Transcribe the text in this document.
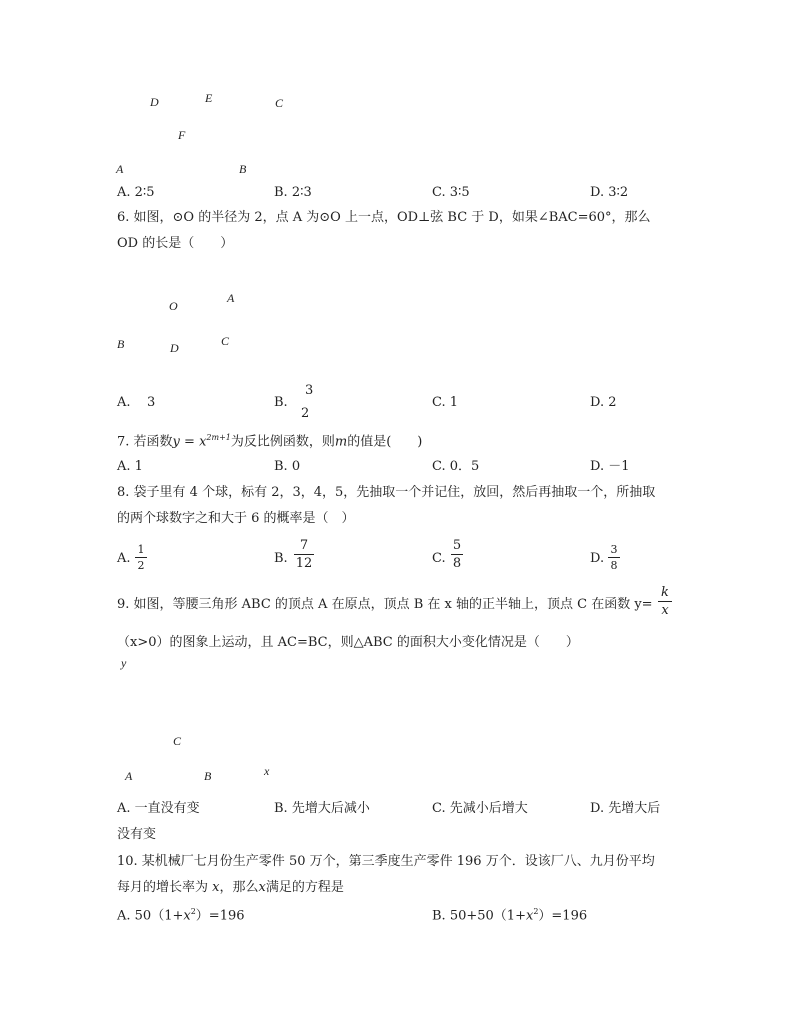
D	E	C
F
A	B
A. 2∶5	B. 2∶3	C. 3∶5	D. 3∶2
6. 如图，⊙O 的半径为 2，点 A 为⊙O 上一点，OD⊥弦 BC 于 D，如果∠BAC=60°，那么
OD 的长是（　　）
O
A
B	C
D
A. 3	B.
3
2
C. 1	D. 2
7. 若函数$y = x^{2m+1}$为反比例函数，则m的值是(　　)
A. 1	B. 0	C. 0．5	D. －1
8. 袋子里有 4 个球，标有 2，3，4，5，先抽取一个并记住，放回，然后再抽取一个，所抽取
的两个球数字之和大于 6 的概率是（　）
A.
1
2	B.
7
12	C.
5
8	D.
3
8
9. 如图，等腰三角形 ABC 的顶点 A 在原点，顶点 B 在 x 轴的正半轴上，顶点 C 在函数 y=
k
x
（x>0）的图象上运动，且 AC=BC，则△ABC 的面积大小变化情况是（　　）
y
x
A	B
C
A. 一直没有变	B. 先增大后减小	C. 先减小后增大	D. 先增大后
没有变
10. 某机械厂七月份生产零件 50 万个，第三季度生产零件 196 万个．设该厂八、九月份平均
每月的增长率为 x，那么x满足的方程是
A. $50(1+x^2)=196$	B. $50+50(1+x^2)=196$
